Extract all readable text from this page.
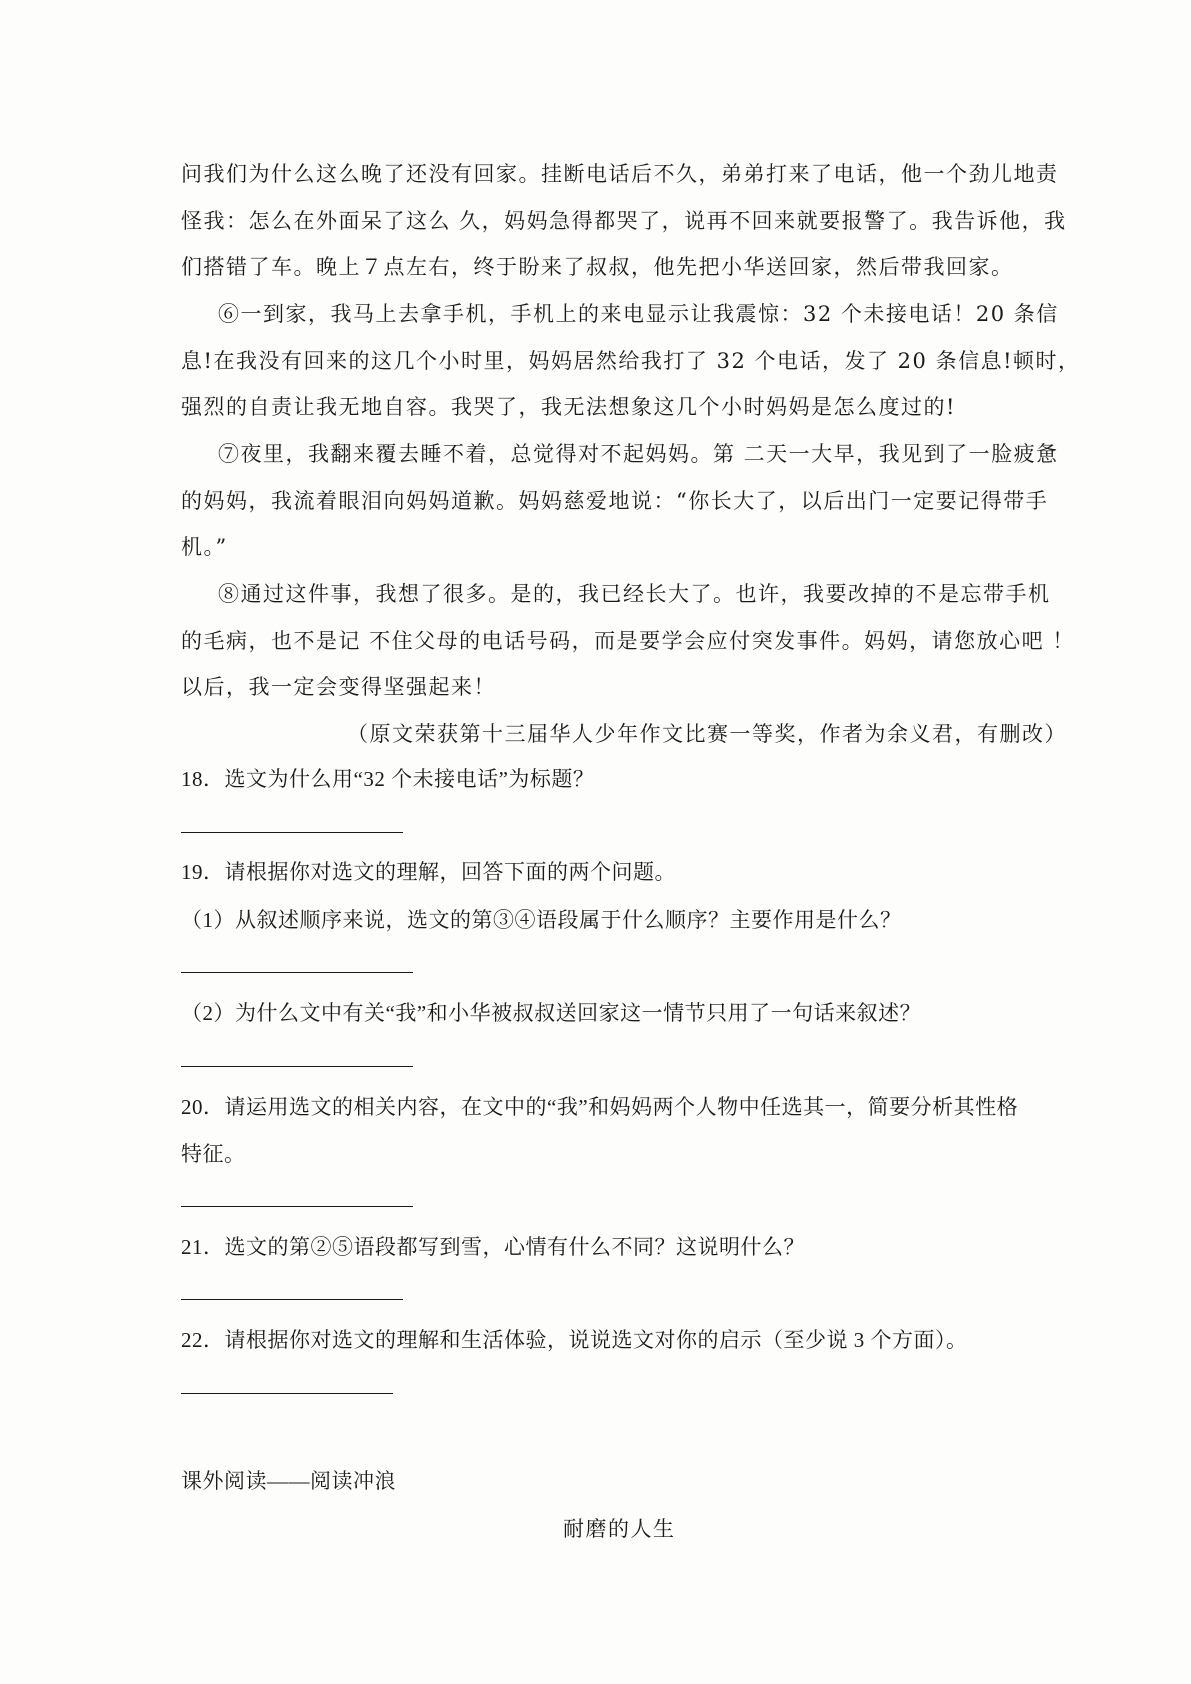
问我们为什么这么晚了还没有回家。挂断电话后不久，弟弟打来了电话，他一个劲儿地责
怪我：怎么在外面呆了这么 久，妈妈急得都哭了，说再不回来就要报警了。我告诉他，我
们搭错了车。晚上７点左右，终于盼来了叔叔，他先把小华送回家，然后带我回家。
⑥一到家，我马上去拿手机，手机上的来电显示让我震惊：32 个未接电话！20 条信
息!在我没有回来的这几个小时里，妈妈居然给我打了 32 个电话，发了 20 条信息!顿时，
强烈的自责让我无地自容。我哭了，我无法想象这几个小时妈妈是怎么度过的!
⑦夜里，我翻来覆去睡不着，总觉得对不起妈妈。第 二天一大早，我见到了一脸疲惫
的妈妈，我流着眼泪向妈妈道歉。妈妈慈爱地说：“你长大了，以后出门一定要记得带手
机。”
⑧通过这件事，我想了很多。是的，我已经长大了。也许，我要改掉的不是忘带手机
的毛病，也不是记 不住父母的电话号码，而是要学会应付突发事件。妈妈，请您放心吧 ！
以后，我一定会变得坚强起来！
（原文荣获第十三届华人少年作文比赛一等奖，作者为余义君，有删改）
18．选文为什么用“32 个未接电话”为标题？
19．请根据你对选文的理解，回答下面的两个问题。
（1）从叙述顺序来说，选文的第③④语段属于什么顺序？主要作用是什么？
（2）为什么文中有关“我”和小华被叔叔送回家这一情节只用了一句话来叙述？
20．请运用选文的相关内容，在文中的“我”和妈妈两个人物中任选其一，简要分析其性格
特征。
21．选文的第②⑤语段都写到雪，心情有什么不同？这说明什么？
22．请根据你对选文的理解和生活体验，说说选文对你的启示（至少说 3 个方面）。
课外阅读——阅读冲浪
耐磨的人生
